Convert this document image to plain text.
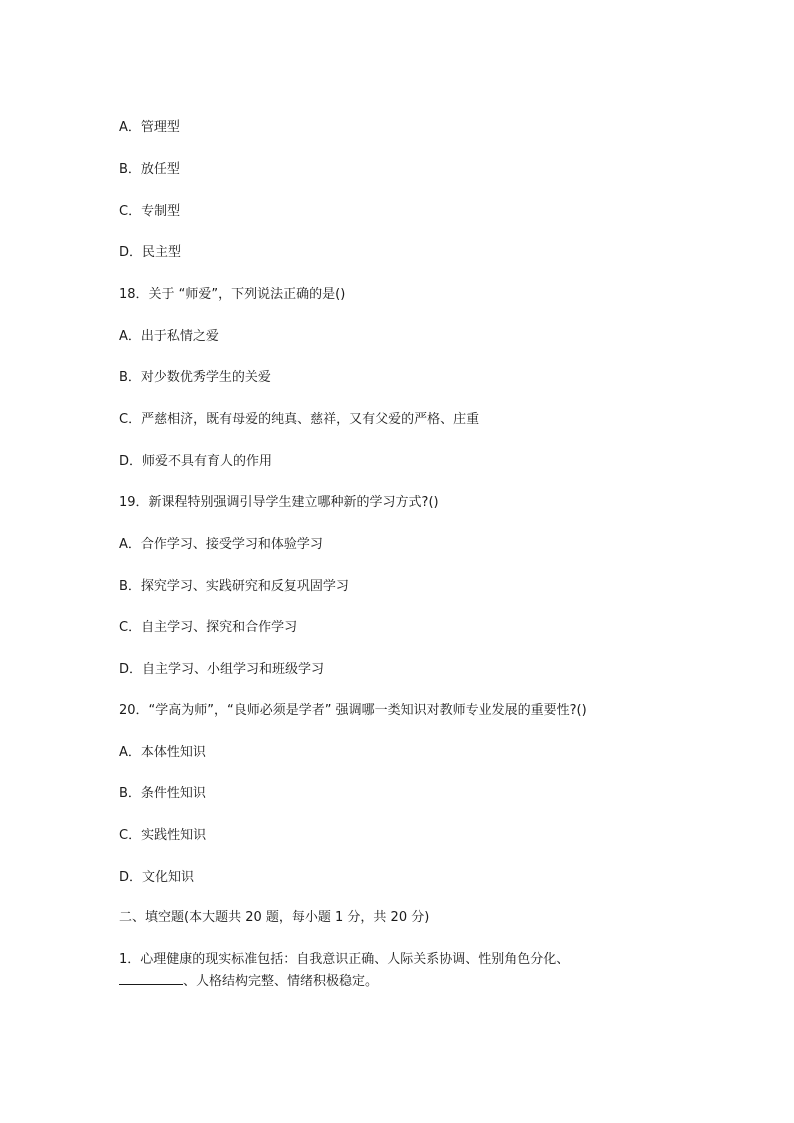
A．管理型
B．放任型
C．专制型
D．民主型
18．关于 “师爱”，下列说法正确的是()
A．出于私情之爱
B．对少数优秀学生的关爱
C．严慈相济，既有母爱的纯真、慈祥，又有父爱的严格、庄重
D．师爱不具有育人的作用
19．新课程特别强调引导学生建立哪种新的学习方式?()
A．合作学习、接受学习和体验学习
B．探究学习、实践研究和反复巩固学习
C．自主学习、探究和合作学习
D．自主学习、小组学习和班级学习
20．“学高为师”，“良师必须是学者” 强调哪一类知识对教师专业发展的重要性?()
A．本体性知识
B．条件性知识
C．实践性知识
D．文化知识
二、填空题(本大题共 20 题，每小题 1 分，共 20 分)
1．心理健康的现实标准包括：自我意识正确、人际关系协调、性别角色分化、
、人格结构完整、情绪积极稳定。
